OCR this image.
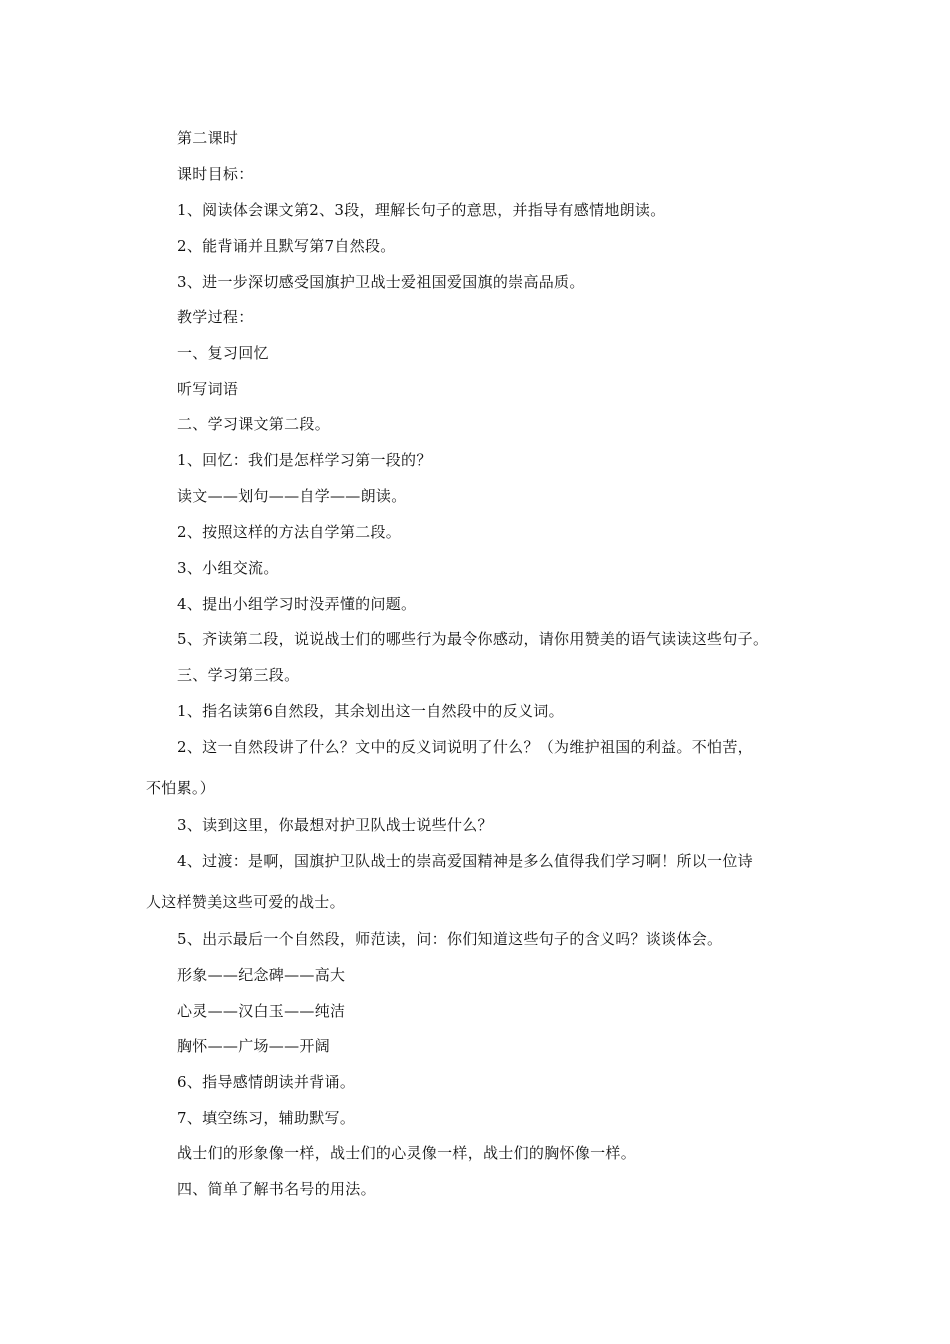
第二课时
课时目标：
1、阅读体会课文第2、3段，理解长句子的意思，并指导有感情地朗读。
2、能背诵并且默写第7自然段。
3、进一步深切感受国旗护卫战士爱祖国爱国旗的崇高品质。
教学过程：
一、复习回忆
听写词语
二、学习课文第二段。
1、回忆：我们是怎样学习第一段的？
读文——划句——自学——朗读。
2、按照这样的方法自学第二段。
3、小组交流。
4、提出小组学习时没弄懂的问题。
5、齐读第二段，说说战士们的哪些行为最令你感动，请你用赞美的语气读读这些句子。
三、学习第三段。
1、指名读第6自然段，其余划出这一自然段中的反义词。
2、这一自然段讲了什么？文中的反义词说明了什么？（为维护祖国的利益。不怕苦，
不怕累。）
3、读到这里，你最想对护卫队战士说些什么？
4、过渡：是啊，国旗护卫队战士的崇高爱国精神是多么值得我们学习啊！所以一位诗
人这样赞美这些可爱的战士。
5、出示最后一个自然段，师范读，问：你们知道这些句子的含义吗？谈谈体会。
形象——纪念碑——高大
心灵——汉白玉——纯洁
胸怀——广场——开阔
6、指导感情朗读并背诵。
7、填空练习，辅助默写。
战士们的形象像一样，战士们的心灵像一样，战士们的胸怀像一样。
四、简单了解书名号的用法。
